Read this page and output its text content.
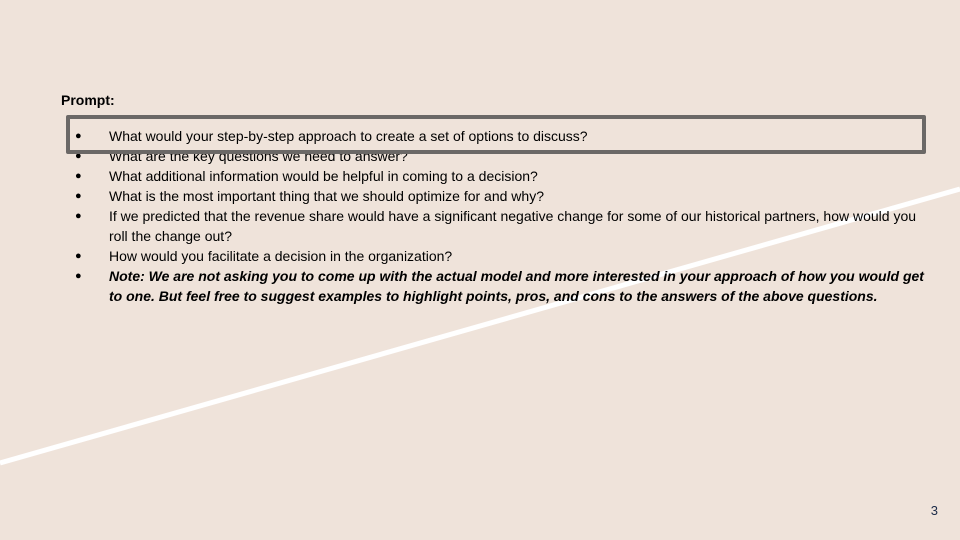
Prompt:

●	What would your step-by-step approach to create a set of options to discuss?
●	What are the key questions we need to answer?
●	What additional information would be helpful in coming to a decision?
●	What is the most important thing that we should optimize for and why?
●	If we predicted that the revenue share would have a significant negative change for some of our historical partners, how would you roll the change out?
●	How would you facilitate a decision in the organization?
●	Note: We are not asking you to come up with the actual model and more interested in your approach of how you would get to one. But feel free to suggest examples to highlight points, pros, and cons to the answers of the above questions.
3
